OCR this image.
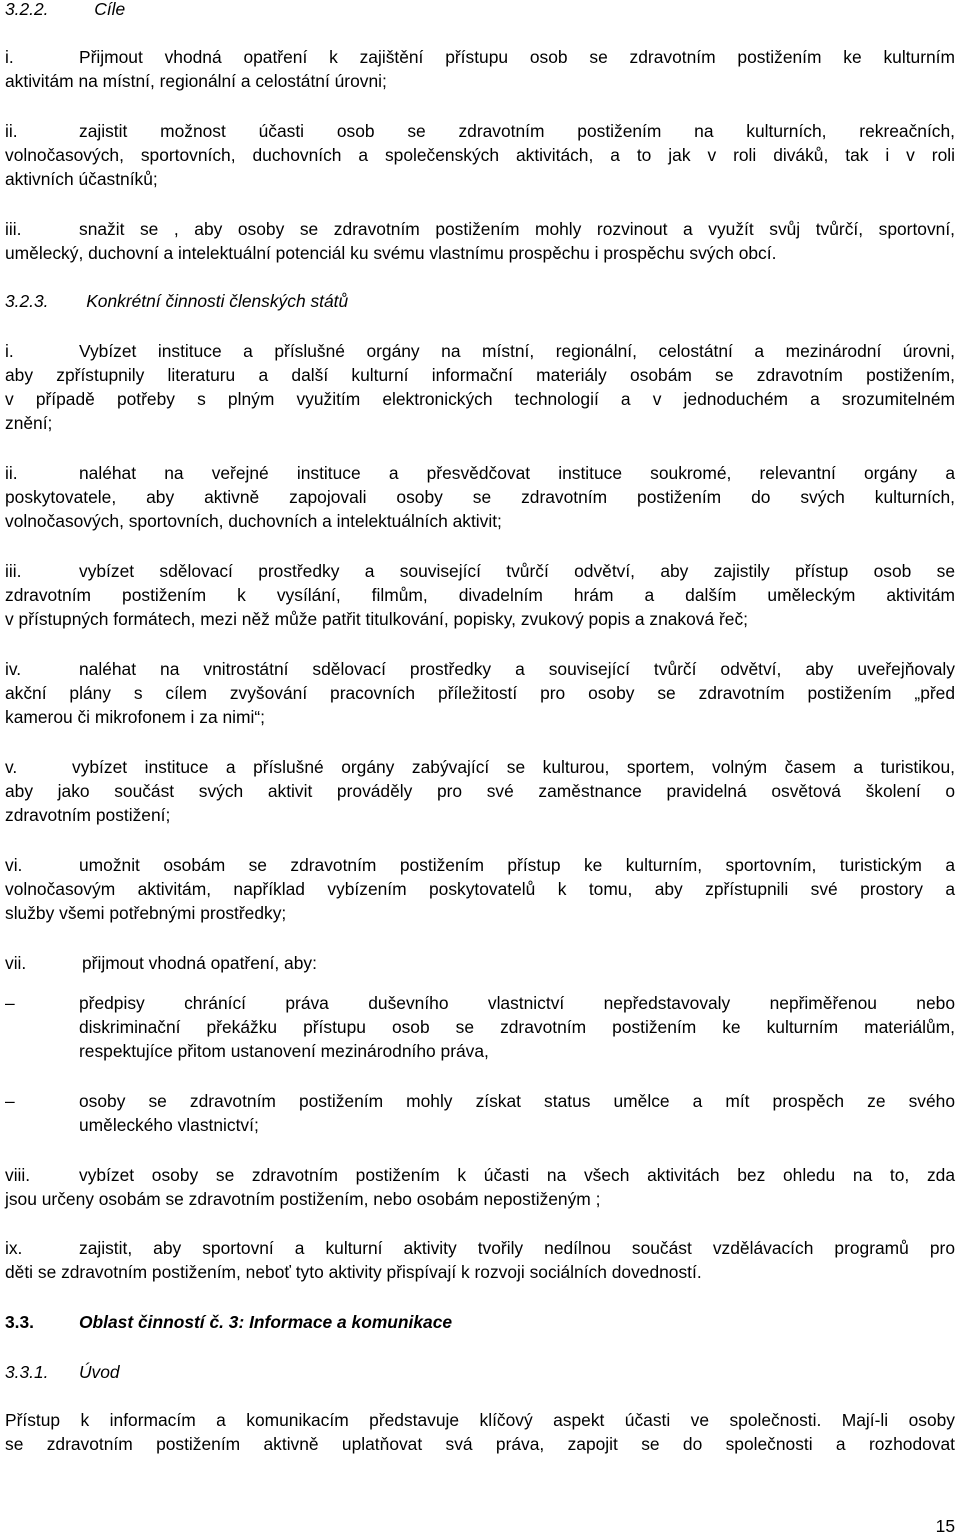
3.2.2.	Cíle
i.	Přijmout vhodná opatření k zajištění přístupu osob se zdravotním postižením ke kulturním
aktivitám na místní, regionální a celostátní úrovni;
ii.	zajistit možnost účasti osob se zdravotním postižením na kulturních, rekreačních,
volnočasových, sportovních, duchovních a společenských aktivitách, a to jak v roli diváků, tak i v roli
aktivních účastníků;
iii.	snažit se , aby osoby se zdravotním postižením mohly rozvinout a využít svůj tvůrčí, sportovní,
umělecký, duchovní a intelektuální potenciál ku svému vlastnímu prospěchu i prospěchu svých obcí.
3.2.3. Konkrétní činnosti členských států
i.	Vybízet instituce a příslušné orgány na místní, regionální, celostátní a mezinárodní úrovni,
aby zpřístupnily literaturu a další kulturní informační materiály osobám se zdravotním postižením,
v případě potřeby s plným využitím elektronických technologií a v jednoduchém a srozumitelném
znění;
ii.	naléhat na veřejné instituce a přesvědčovat instituce soukromé, relevantní orgány a
poskytovatele, aby aktivně zapojovali osoby se zdravotním postižením do svých kulturních,
volnočasových, sportovních, duchovních a intelektuálních aktivit;
iii.	vybízet sdělovací prostředky a související tvůrčí odvětví, aby zajistily přístup osob se
zdravotním postižením k vysílání, filmům, divadelním hrám a dalším uměleckým aktivitám
v přístupných formátech, mezi něž může patřit titulkování, popisky, zvukový popis a znaková řeč;
iv.	naléhat na vnitrostátní sdělovací prostředky a související tvůrčí odvětví, aby uveřejňovaly
akční plány s cílem zvyšování pracovních příležitostí pro osoby se zdravotním postižením „před
kamerou či mikrofonem i za nimi“;
v.	vybízet instituce a příslušné orgány zabývající se kulturou, sportem, volným časem a turistikou,
aby jako součást svých aktivit prováděly pro své zaměstnance pravidelná osvětová školení o
zdravotním postižení;
vi.	umožnit osobám se zdravotním postižením přístup ke kulturním, sportovním, turistickým a
volnočasovým aktivitám, například vybízením poskytovatelů k tomu, aby zpřístupnili své prostory a
služby všemi potřebnými prostředky;
vii.	přijmout vhodná opatření, aby:
–	předpisy chránící práva duševního vlastnictví nepředstavovaly nepřiměřenou nebo
diskriminační překážku přístupu osob se zdravotním postižením ke kulturním materiálům,
respektujíce přitom ustanovení mezinárodního práva,
–	osoby se zdravotním postižením mohly získat status umělce a mít prospěch ze svého
uměleckého vlastnictví;
viii.	vybízet osoby se zdravotním postižením k účasti na všech aktivitách bez ohledu na to, zda
jsou určeny osobám se zdravotním postižením, nebo osobám nepostiženým ;
ix.	zajistit, aby sportovní a kulturní aktivity tvořily nedílnou součást vzdělávacích programů pro
děti se zdravotním postižením, neboť tyto aktivity přispívají k rozvoji sociálních dovedností.
3.3.	Oblast činností č. 3: Informace a komunikace
3.3.1. Úvod
Přístup k informacím a komunikacím představuje klíčový aspekt účasti ve společnosti. Mají-li osoby
se zdravotním postižením aktivně uplatňovat svá práva, zapojit se do společnosti a rozhodovat
15
